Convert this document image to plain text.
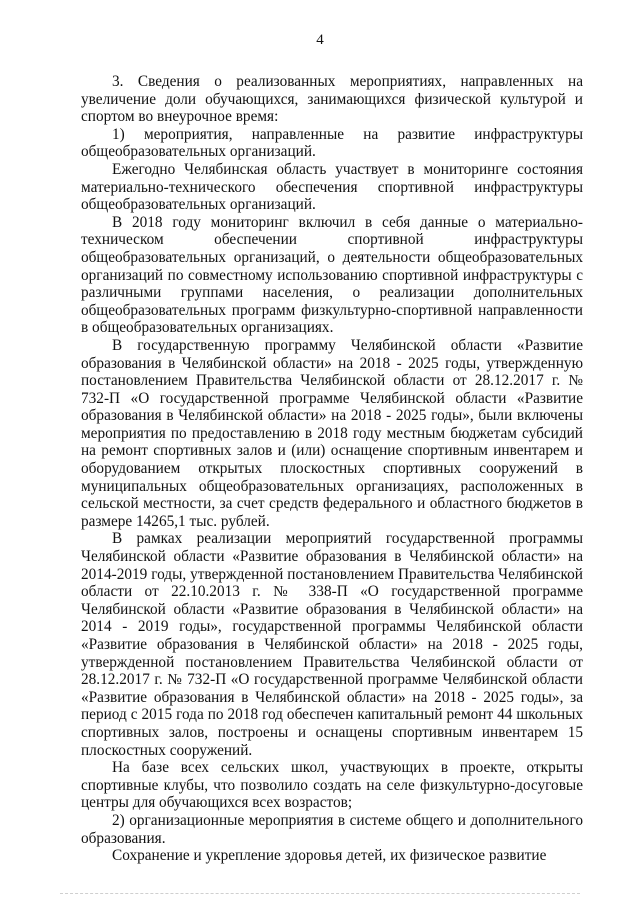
4

3. Сведения о реализованных мероприятиях, направленных на увеличение доли обучающихся, занимающихся физической культурой и спортом во внеурочное время:

1) мероприятия, направленные на развитие инфраструктуры общеобразовательных организаций.

Ежегодно Челябинская область участвует в мониторинге состояния материально-технического обеспечения спортивной инфраструктуры общеобразовательных организаций.

В 2018 году мониторинг включил в себя данные о материально-техническом обеспечении спортивной инфраструктуры общеобразовательных организаций, о деятельности общеобразовательных организаций по совместному использованию спортивной инфраструктуры с различными группами населения, о реализации дополнительных общеобразовательных программ физкультурно-спортивной направленности в общеобразовательных организациях.

В государственную программу Челябинской области «Развитие образования в Челябинской области» на 2018 - 2025 годы, утвержденную постановлением Правительства Челябинской области от 28.12.2017 г. № 732-П «О государственной программе Челябинской области «Развитие образования в Челябинской области» на 2018 - 2025 годы», были включены мероприятия по предоставлению в 2018 году местным бюджетам субсидий на ремонт спортивных залов и (или) оснащение спортивным инвентарем и оборудованием открытых плоскостных спортивных сооружений в муниципальных общеобразовательных организациях, расположенных в сельской местности, за счет средств федерального и областного бюджетов в размере 14265,1 тыс. рублей.

В рамках реализации мероприятий государственной программы Челябинской области «Развитие образования в Челябинской области» на 2014-2019 годы, утвержденной постановлением Правительства Челябинской области от 22.10.2013 г. № 338-П «О государственной программе Челябинской области «Развитие образования в Челябинской области» на 2014 - 2019 годы», государственной программы Челябинской области «Развитие образования в Челябинской области» на 2018 - 2025 годы, утвержденной постановлением Правительства Челябинской области от 28.12.2017 г. № 732-П «О государственной программе Челябинской области «Развитие образования в Челябинской области» на 2018 - 2025 годы», за период с 2015 года по 2018 год обеспечен капитальный ремонт 44 школьных спортивных залов, построены и оснащены спортивным инвентарем 15 плоскостных сооружений.

На базе всех сельских школ, участвующих в проекте, открыты спортивные клубы, что позволило создать на селе физкультурно-досуговые центры для обучающихся всех возрастов;

2) организационные мероприятия в системе общего и дополнительного образования.

Сохранение и укрепление здоровья детей, их физическое развитие
